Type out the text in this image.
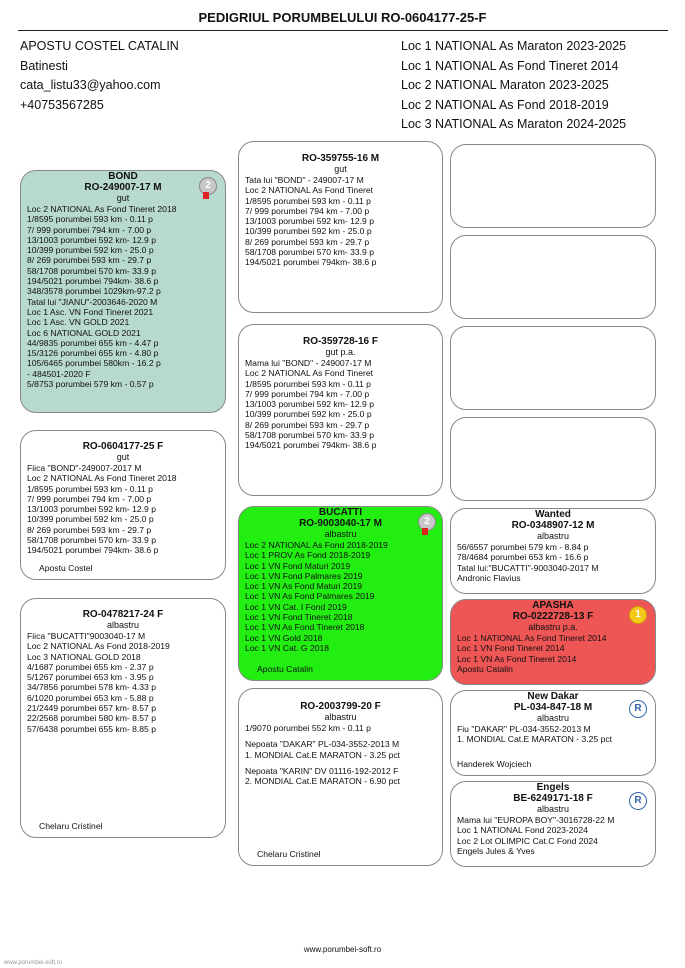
PEDIGRIUL PORUMBELULUI RO-0604177-25-F
APOSTU COSTEL CATALIN
Batinesti
cata_listu33@yahoo.com
+40753567285
Loc 1 NATIONAL As Maraton 2023-2025
Loc 1 NATIONAL As Fond Tineret 2014
Loc 2 NATIONAL Maraton 2023-2025
Loc 2 NATIONAL As Fond 2018-2019
Loc 3 NATIONAL As Maraton 2024-2025
BOND
RO-249007-17 M
gut
Loc 2 NATIONAL As Fond Tineret 2018
1/8595 porumbei 593 km - 0.11 p
7/ 999 porumbei 794 km - 7.00 p
13/1003 porumbei 592 km- 12.9 p
10/399 porumbei 592 km - 25.0 p
8/ 269 porumbei 593 km - 29.7 p
58/1708 porumbei 570 km- 33.9 p
194/5021 porumbei 794km- 38.6 p
348/3578 porumbei 1029km-97.2 p
Tatal lui "JIANU"-2003646-2020 M
Loc 1 Asc. VN Fond Tineret 2021
Loc 1 Asc. VN GOLD 2021
Loc 6 NATIONAL GOLD 2021
44/9835 porumbei 655 km - 4.47 p
15/3126 porumbei 655 km - 4.80 p
105/6465 porumbei 580km - 16.2 p
- 484501-2020 F
5/8753 porumbei 579 km - 0.57 p
2
RO-0604177-25 F
gut
Fiica "BOND"-249007-2017 M
Loc 2 NATIONAL As Fond Tineret 2018
1/8595 porumbei 593 km - 0.11 p
7/ 999 porumbei 794 km - 7.00 p
13/1003 porumbei 592 km- 12.9 p
10/399 porumbei 592 km - 25.0 p
8/ 269 porumbei 593 km - 29.7 p
58/1708 porumbei 570 km- 33.9 p
194/5021 porumbei 794km- 38.6 p
Apostu Costel
RO-0478217-24 F
albastru
Fiica "BUCATTI"9003040-17 M
Loc 2 NATIONAL As Fond 2018-2019
Loc 3 NATIONAL GOLD 2018
4/1687 porumbei 655 km - 2.37 p
5/1267 porumbei 653 km - 3.95 p
34/7856 porumbei 578 km- 4.33 p
6/1020 porumbei 653 km - 5.88 p
21/2449 porumbei 657 km- 8.57 p
22/2568 porumbei 580 km- 8.57 p
57/6438 porumbei 655 km- 8.85 p
Chelaru Cristinel
RO-359755-16 M
gut
Tata lui "BOND" - 249007-17 M
Loc 2 NATIONAL As Fond Tineret
1/8595 porumbei 593 km - 0.11 p
7/ 999 porumbei 794 km - 7.00 p
13/1003 porumbei 592 km- 12.9 p
10/399 porumbei 592 km - 25.0 p
8/ 269 porumbei 593 km - 29.7 p
58/1708 porumbei 570 km- 33.9 p
194/5021 porumbei 794km- 38.6 p
RO-359728-16 F
gut p.a.
Mama lui "BOND" - 249007-17 M
Loc 2 NATIONAL As Fond Tineret
1/8595 porumbei 593 km - 0.11 p
7/ 999 porumbei 794 km - 7.00 p
13/1003 porumbei 592 km- 12.9 p
10/399 porumbei 592 km - 25.0 p
8/ 269 porumbei 593 km - 29.7 p
58/1708 porumbei 570 km- 33.9 p
194/5021 porumbei 794km- 38.6 p
BUCATTI
RO-9003040-17 M
albastru
Loc 2 NATIONAL As Fond 2018-2019
Loc 1 PROV As Fond 2018-2019
Loc 1 VN Fond Maturi 2019
Loc 1 VN Fond Palmares 2019
Loc 1 VN As Fond Maturi 2019
Loc 1 VN As Fond Palmares 2019
Loc 1 VN Cat. I Fond 2019
Loc 1 VN Fond Tineret 2018
Loc 1 VN As Fond Tineret 2018
Loc 1 VN Gold 2018
Loc 1 VN Cat. G 2018
Apostu Catalin
2
RO-2003799-20 F
albastru
1/9070 porumbei 552 km - 0.11 p
Nepoata "DAKAR" PL-034-3552-2013 M
1. MONDIAL Cat.E MARATON - 3.25 pct
Nepoata "KARIN" DV 01116-192-2012 F
2. MONDIAL Cat.E MARATON - 6.90 pct
Chelaru Cristinel
Wanted
RO-0348907-12 M
albastru
56/6557 porumbei 579 km - 8.84 p
78/4684 porumbei 653 km - 16.6 p
Tatal lui:"BUCATTI"-9003040-2017 M
Andronic Flavius
APASHA
RO-0222728-13 F
albastru p.a.
Loc 1 NATIONAL As Fond Tineret 2014
Loc 1 VN Fond Tineret 2014
Loc 1 VN As Fond Tineret 2014
Apostu Catalin
1
New Dakar
PL-034-847-18 M
albastru
Fiu "DAKAR" PL-034-3552-2013 M
1. MONDIAL Cat.E MARATON - 3.25 pct
Handerek Wojciech
R
Engels
BE-6249171-18 F
albastru
Mama lui "EUROPA BOY"-3016728-22 M
Loc 1 NATIONAL Fond 2023-2024
Loc 2 Lot OLIMPIC Cat.C Fond 2024
Engels Jules & Yves
R
www.porumbei-soft.ro
www.porumbei-soft.ro
